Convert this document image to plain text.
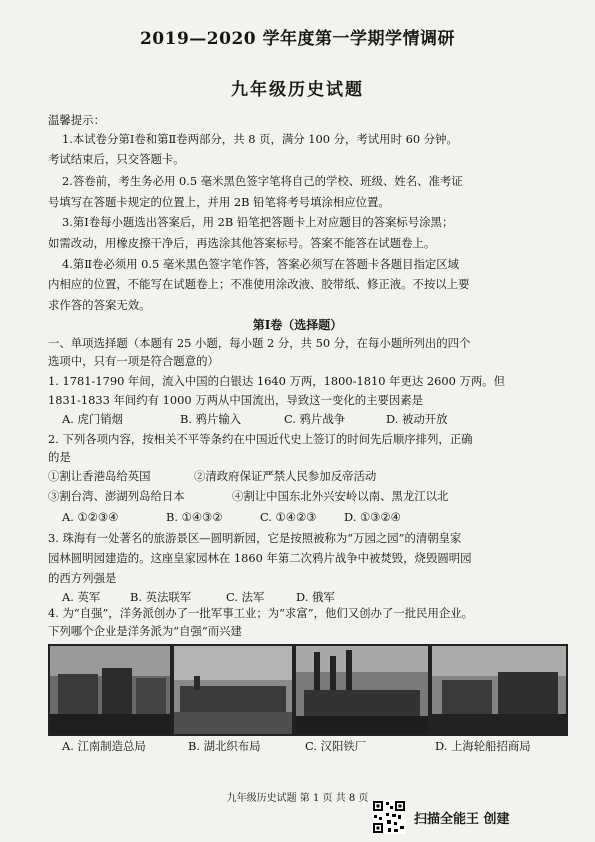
2019—2020 学年度第一学期学情调研
九年级历史试题
温馨提示：
1.本试卷分第Ⅰ卷和第Ⅱ卷两部分，共 8 页，满分 100 分，考试用时 60 分钟。
考试结束后，只交答题卡。
2.答卷前，考生务必用 0.5 毫米黑色签字笔将自己的学校、班级、姓名、准考证
号填写在答题卡规定的位置上，并用 2B 铅笔将考号填涂相应位置。
3.第Ⅰ卷每小题选出答案后，用 2B 铅笔把答题卡上对应题目的答案标号涂黑；
如需改动，用橡皮擦干净后，再选涂其他答案标号。答案不能答在试题卷上。
4.第Ⅱ卷必须用 0.5 毫米黑色签字笔作答，答案必须写在答题卡各题目指定区域
内相应的位置，不能写在试题卷上；不准使用涂改液、胶带纸、修正液。不按以上要
求作答的答案无效。
第Ⅰ卷（选择题）
一、单项选择题（本题有 25 小题，每小题 2 分，共 50 分，在每小题所列出的四个
选项中，只有一项是符合题意的）
1. 1781-1790 年间，流入中国的白银达 1640 万两，1800-1810 年更达 2600 万两。但
1831-1833 年间约有 1000 万两从中国流出，导致这一变化的主要因素是
A. 虎门销烟	B. 鸦片输入	C. 鸦片战争	D. 被动开放
2. 下列各项内容，按相关不平等条约在中国近代史上签订的时间先后顺序排列，正确
的是
①割让香港岛给英国	②清政府保证严禁人民参加反帝活动
③割台湾、澎湖列岛给日本	④割让中国东北外兴安岭以南、黑龙江以北
A. ①②③④	B. ①④③②	C. ①④②③ D. ①③②④
3. 珠海有一处著名的旅游景区—圆明新园，它是按照被称为“万园之园”的清朝皇家
园林圆明园建造的。这座皇家园林在 1860 年第二次鸦片战争中被焚毁，烧毁圆明园
的西方列强是
A. 英军	B. 英法联军	C. 法军	D. 俄军
4. 为“自强”，洋务派创办了一批军事工业；为“求富”，他们又创办了一批民用企业。
下列哪个企业是洋务派为“自强”而兴建
A. 江南制造总局	B. 湖北织布局	C. 汉阳铁厂	D. 上海轮船招商局
九年级历史试题 第 1 页 共 8 页
扫描全能王 创建
